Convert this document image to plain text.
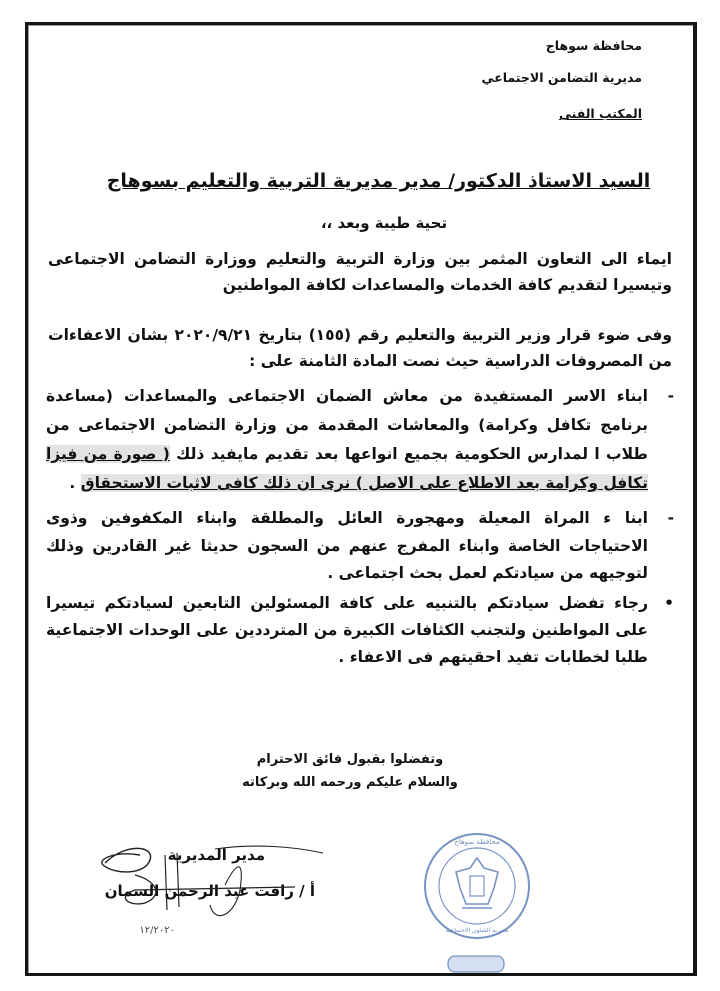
محافظة سوهاج
مديرية التضامن الاجتماعي
المكتب الفنى
السيد الاستاذ الدكتور/ مدير مديرية التربية والتعليم بسوهاج
تحية طيبة وبعد ،،
ايماء الى التعاون المثمر بين وزارة التربية والتعليم ووزارة التضامن الاجتماعى وتيسيرا لتقديم كافة الخدمات والمساعدات لكافة المواطنين
وفى ضوء قرار وزير التربية والتعليم رقم (١٥٥) بتاريخ ٢٠٢٠/٩/٢١ بشان الاعفاءات من المصروفات الدراسية حيث نصت المادة الثامنة على :
-
ابناء الاسر المستفيدة من معاش الضمان الاجتماعى والمساعدات (مساعدة برنامج تكافل وكرامة) والمعاشات المقدمة من وزارة التضامن الاجتماعى من طلاب ا لمدارس الحكومية بجميع انواعها بعد تقديم مايفيد ذلك ( صورة من فيزا تكافل وكرامة بعد الاطلاع على الاصل ) نرى ان ذلك كافى لاثبات الاستحقاق .
-
ابنا ء المراة المعيلة ومهجورة العائل والمطلقة وابناء المكفوفين وذوى الاحتياجات الخاصة وابناء المفرج عنهم من السجون حديثا غير القادرين وذلك لتوجيهه من سيادتكم لعمل بحث اجتماعى .
•
رجاء تفضل سيادتكم بالتنبيه على كافة المسئولين التابعين لسيادتكم تيسيرا على المواطنين ولتجنب الكثافات الكبيرة من المترددين على الوحدات الاجتماعية طلبا لخطابات تفيد احقيتهم فى الاعفاء .
وتفضلوا بقبول فائق الاحترام
والسلام عليكم ورحمه الله وبركاته
مدير المديرية
أ / رافت عبد الرحمن السمان
١٢/٢٠٢٠
محافظة سوهاج
مديرية الشئون الاجتماعية
